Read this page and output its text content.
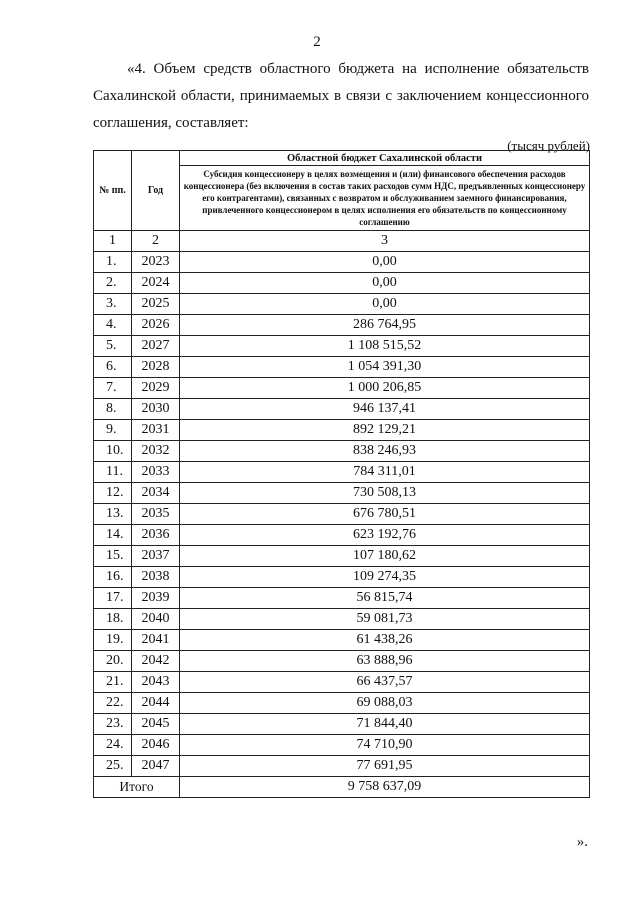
2
«4. Объем средств областного бюджета на исполнение обязательств
Сахалинской области, принимаемых в связи с заключением концессионного
соглашения, составляет:
(тысяч рублей)
№ пп.	Год	Областной бюджет Сахалинской области
		Субсидия концессионеру в целях возмещения и (или) финансового обеспечения расходов концессионера (без включения в состав таких расходов сумм НДС, предъявленных концессионеру его контрагентами), связанных с возвратом и обслуживанием заемного финансирования, привлеченного концессионером в целях исполнения его обязательств по концессионному соглашению
1	2	3
1.	2023	0,00
2.	2024	0,00
3.	2025	0,00
4.	2026	286 764,95
5.	2027	1 108 515,52
6.	2028	1 054 391,30
7.	2029	1 000 206,85
8.	2030	946 137,41
9.	2031	892 129,21
10.	2032	838 246,93
11.	2033	784 311,01
12.	2034	730 508,13
13.	2035	676 780,51
14.	2036	623 192,76
15.	2037	107 180,62
16.	2038	109 274,35
17.	2039	56 815,74
18.	2040	59 081,73
19.	2041	61 438,26
20.	2042	63 888,96
21.	2043	66 437,57
22.	2044	69 088,03
23.	2045	71 844,40
24.	2046	74 710,90
25.	2047	77 691,95
Итого		9 758 637,09
».
